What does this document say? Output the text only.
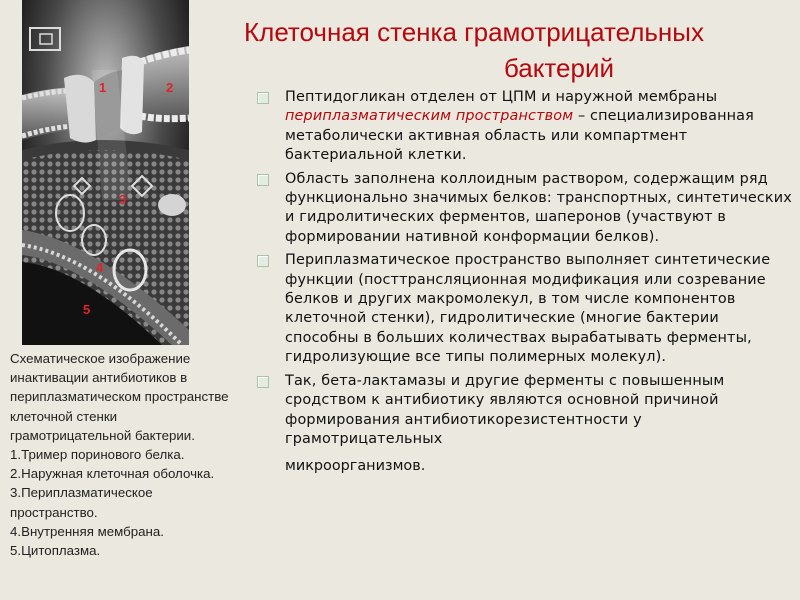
1	2
3
4
5
Схематическое изображение
инактивации антибиотиков в
периплазматическом пространстве
клеточной стенки
грамотрицательной бактерии.
1.Тример поринового белка.
2.Наружная клеточная оболочка.
3.Периплазматическое
пространство.
4.Внутренняя мембрана.
5.Цитоплазма.
Клеточная стенка грамотрицательных
бактерий
Пептидогликан отделен от ЦПМ и наружной мембраны периплазматическим пространством – специализированная метаболически активная область или компартмент бактериальной клетки.
Область заполнена коллоидным раствором, содержащим ряд функционально значимых белков: транспортных, синтетических и гидролитических ферментов, шаперонов (участвуют в формировании нативной конформации белков).
Периплазматическое пространство выполняет синтетические функции (посттрансляционная модификация или созревание белков и других макромолекул, в том числе компонентов клеточной стенки), гидролитические (многие бактерии способны в больших количествах вырабатывать ферменты, гидролизующие все типы полимерных молекул).
Так, бета-лактамазы и другие ферменты с повышенным сродством к антибиотику являются основной причиной формирования антибиотикорезистентности у грамотрицательных
микроорганизмов.
